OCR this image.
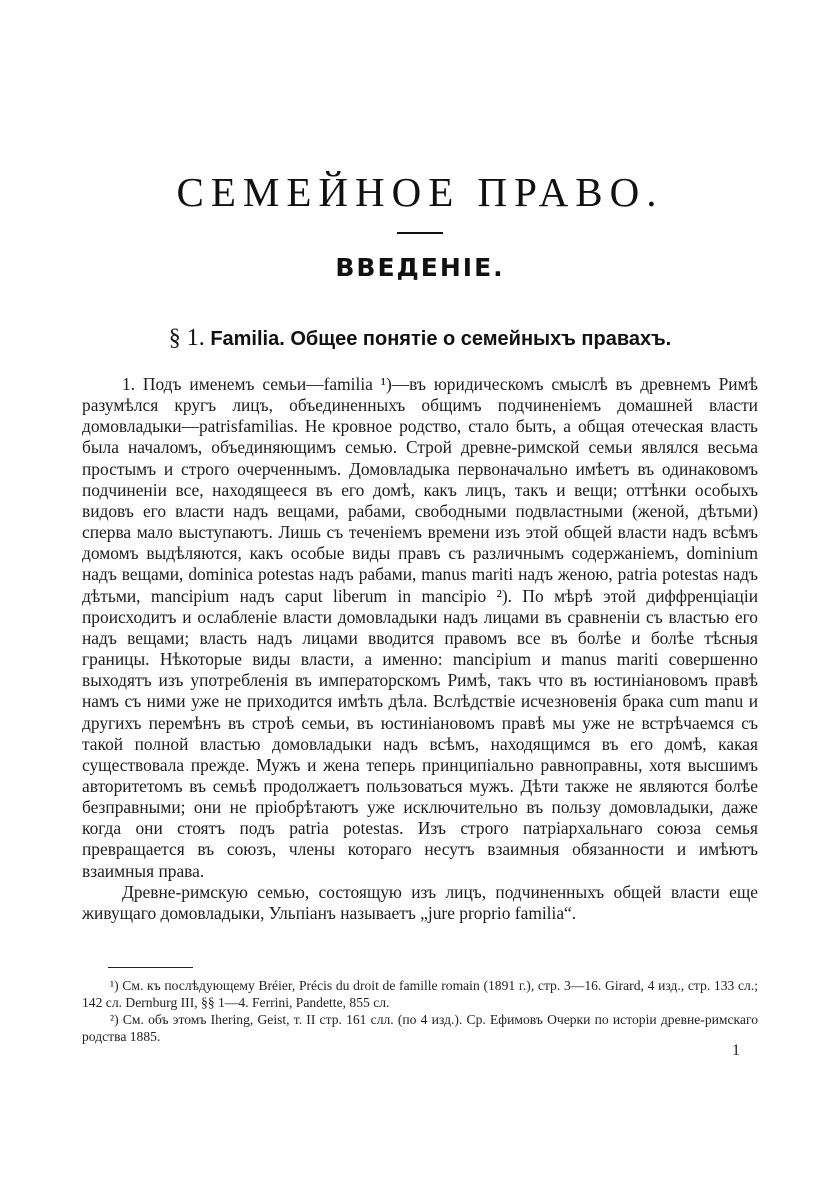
СЕМЕЙНОЕ ПРАВО.
ВВЕДЕНІЕ.
§ 1. Familia. Общее понятіе о семейныхъ правахъ.

1. Подъ именемъ семьи—familia ¹)—въ юридическомъ смыслѣ въ древнемъ Римѣ разумѣлся кругъ лицъ, объединенныхъ общимъ подчиненіемъ домашней власти домовладыки—patrisfamilias. Не кровное родство, стало быть, а общая отеческая власть была началомъ, объединяющимъ семью. Строй древне-римской семьи являлся весьма простымъ и строго очерченнымъ. Домовладыка первоначально имѣетъ въ одинаковомъ подчиненіи все, находящееся въ его домѣ, какъ лицъ, такъ и вещи; оттѣнки особыхъ видовъ его власти надъ вещами, рабами, свободными подвластными (женой, дѣтьми) сперва мало выступаютъ. Лишь съ теченіемъ времени изъ этой общей власти надъ всѣмъ домомъ выдѣляются, какъ особые виды правъ съ различнымъ содержаніемъ, dominium надъ вещами, dominica potestas надъ рабами, manus mariti надъ женою, patria potestas надъ дѣтьми, mancipium надъ caput liberum in mancipio ²). По мѣрѣ этой диффренціаціи происходитъ и ослабленіе власти домовладыки надъ лицами въ сравненіи съ властью его надъ вещами; власть надъ лицами вводится правомъ все въ болѣе и болѣе тѣсныя границы. Нѣкоторые виды власти, а именно: mancipium и manus mariti совершенно выходятъ изъ употребленія въ императорскомъ Римѣ, такъ что въ юстиніановомъ правѣ намъ съ ними уже не приходится имѣть дѣла. Вслѣдствіе исчезновенія брака cum manu и другихъ перемѣнъ въ строѣ семьи, въ юстиніановомъ правѣ мы уже не встрѣчаемся съ такой полной властью домовладыки надъ всѣмъ, находящимся въ его домѣ, какая существовала прежде. Мужъ и жена теперь принципіально равноправны, хотя высшимъ авторитетомъ въ семьѣ продолжаетъ пользоваться мужъ. Дѣти также не являются болѣе безправными; они не пріобрѣтаютъ уже исключительно въ пользу домовладыки, даже когда они стоятъ подъ patria potestas. Изъ строго патріархальнаго союза семья превращается въ союзъ, члены котораго несутъ взаимныя обязанности и имѣютъ взаимныя права.

Древне-римскую семью, состоящую изъ лицъ, подчиненныхъ общей власти еще живущаго домовладыки, Ульпіанъ называетъ „jure proprio familia“.

¹) См. къ послѣдующему Bréier, Précis du droit de famille romain (1891 г.), стр. 3—16. Girard, 4 изд., стр. 133 сл.; 142 сл. Dernburg III, §§ 1—4. Ferrini, Pandette, 855 сл.

²) См. объ этомъ Ihering, Geist, т. II стр. 161 слл. (по 4 изд.). Ср. Ефимовъ Очерки по исторіи древне-римскаго родства 1885.

1
